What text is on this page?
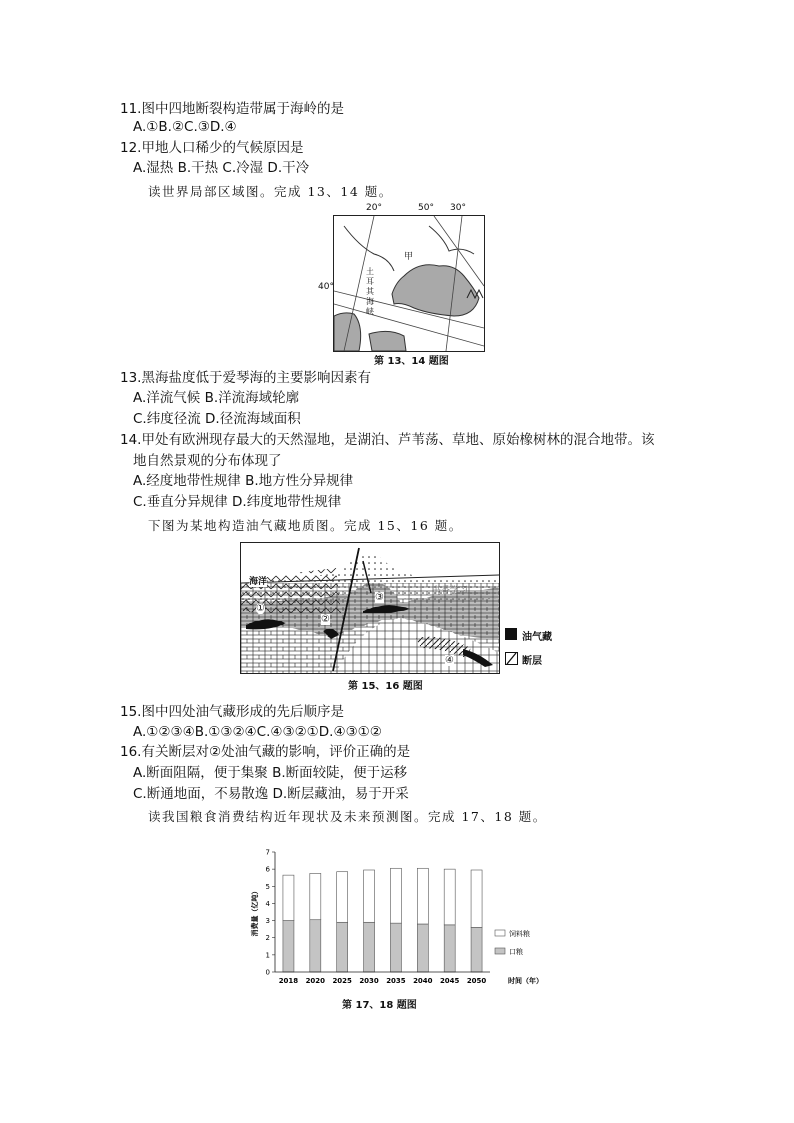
11.图中四地断裂构造带属于海岭的是
A.①B.②C.③D.④
12.甲地人口稀少的气候原因是
A.湿热 B.干热 C.冷湿 D.干冷
读世界局部区域图。完成 13、14 题。
20°	50° 30°
40°
甲
土耳其海峡
第 13、14 题图
13.黑海盐度低于爱琴海的主要影响因素有
A.洋流气候 B.洋流海域轮廓
C.纬度径流 D.径流海域面积
14.甲处有欧洲现存最大的天然湿地，是湖泊、芦苇荡、草地、原始橡树林的混合地带。该
地自然景观的分布体现了
A.经度地带性规律 B.地方性分异规律
C.垂直分异规律 D.纬度地带性规律
下图为某地构造油气藏地质图。完成 15、16 题。
海洋
书香学习
①
②
③
④
油气藏
断层
第 15、16 题图
15.图中四处油气藏形成的先后顺序是
A.①②③④B.①③②④C.④③②①D.④③①②
16.有关断层对②处油气藏的影响，评价正确的是
A.断面阻隔，便于集聚 B.断面较陡，便于运移
C.断通地面，不易散逸 D.断层藏油，易于开采
读我国粮食消费结构近年现状及未来预测图。完成 17、18 题。
0
1
2
3
4
5
6
7
2018 2020 2025 2030 2035 2040 2045 2050
消费量（亿吨）
时间（年）
饲料粮
口粮
第 17、18 题图
